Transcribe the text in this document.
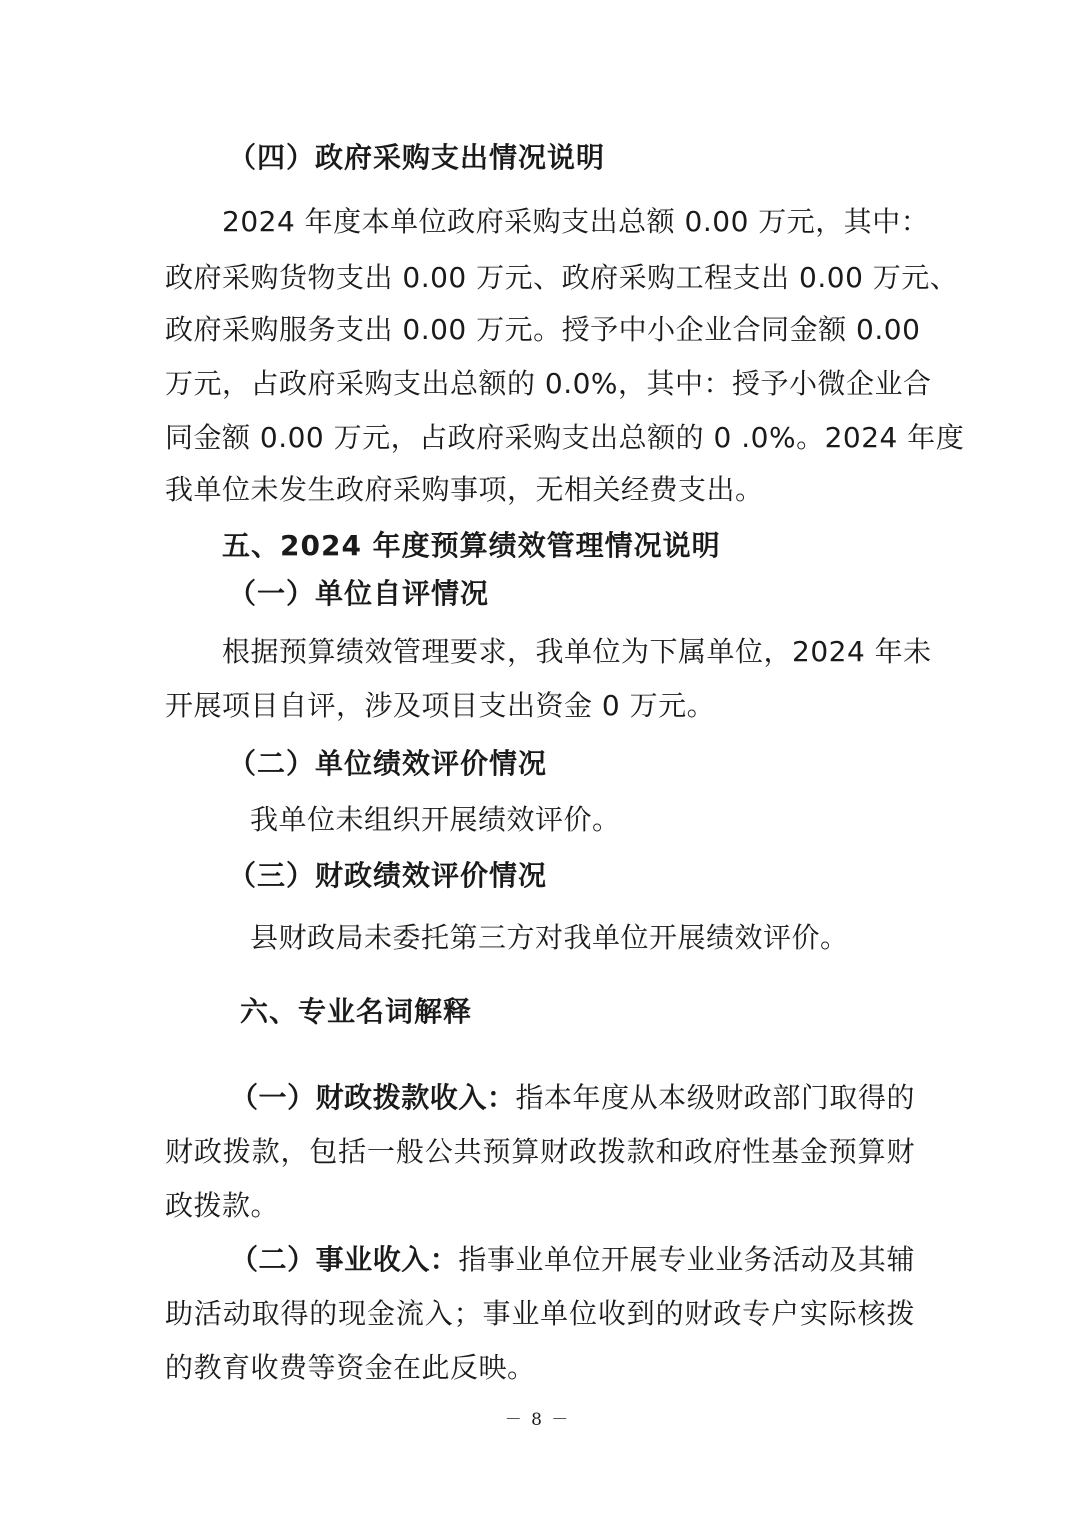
（四）政府采购支出情况说明
2024 年度本单位政府采购支出总额 0.00 万元，其中：
政府采购货物支出 0.00 万元、政府采购工程支出 0.00 万元、
政府采购服务支出 0.00 万元。授予中小企业合同金额 0.00
万元，占政府采购支出总额的 0.0%，其中：授予小微企业合
同金额 0.00 万元，占政府采购支出总额的 0 .0%。2024 年度
我单位未发生政府采购事项，无相关经费支出。
五、2024 年度预算绩效管理情况说明
（一）单位自评情况
根据预算绩效管理要求，我单位为下属单位，2024 年未
开展项目自评，涉及项目支出资金 0 万元。
（二）单位绩效评价情况
我单位未组织开展绩效评价。
（三）财政绩效评价情况
县财政局未委托第三方对我单位开展绩效评价。
六、专业名词解释
（一）财政拨款收入：指本年度从本级财政部门取得的
财政拨款，包括一般公共预算财政拨款和政府性基金预算财
政拨款。
（二）事业收入：指事业单位开展专业业务活动及其辅
助活动取得的现金流入；事业单位收到的财政专户实际核拨
的教育收费等资金在此反映。
－ 8 －
